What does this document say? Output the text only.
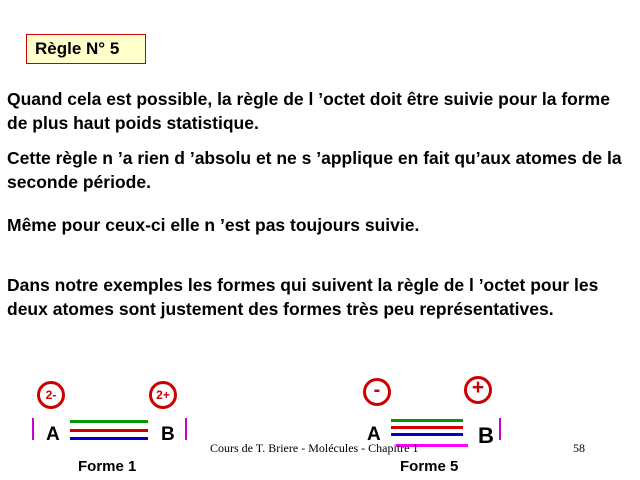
Règle N° 5

Quand cela est possible, la règle de l ’octet doit être suivie pour la forme de plus haut poids statistique.

Cette règle n ’a rien d ’absolu et ne s ’applique en fait qu’aux atomes de la seconde période.

Même pour ceux-ci elle n ’est pas toujours suivie.

Dans notre exemples les formes qui suivent la règle de l ’octet pour les deux atomes sont justement des formes très peu représentatives.

2-	2+
A	B
Forme 1
-	+
A	B
Forme 5
Cours de T. Briere - Molécules - Chapitre 1	58
